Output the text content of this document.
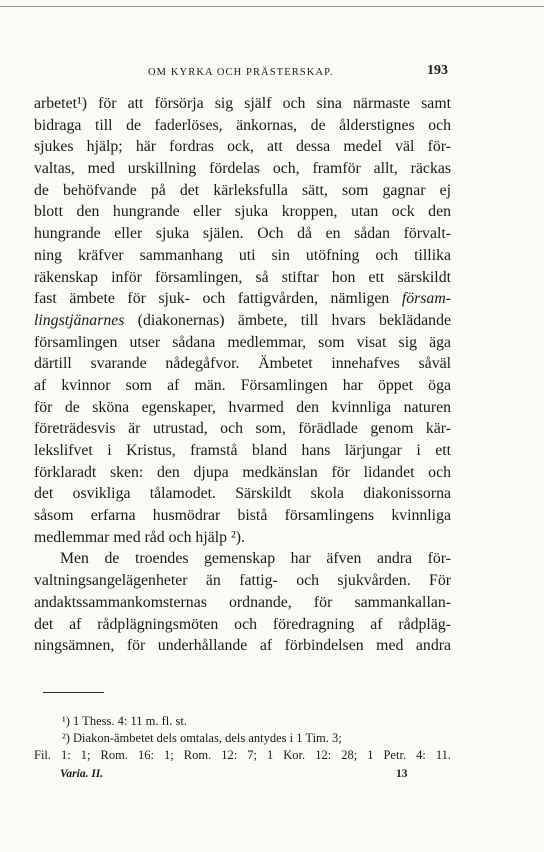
OM KYRKA OCH PRÄSTERSKAP.	193
arbetet¹) för att försörja sig själf och sina närmaste samt
bidraga till de faderlöses, änkornas, de ålderstignes och
sjukes hjälp; här fordras ock, att dessa medel väl för-
valtas, med urskillning fördelas och, framför allt, räckas
de behöfvande på det kärleksfulla sätt, som gagnar ej
blott den hungrande eller sjuka kroppen, utan ock den
hungrande eller sjuka själen. Och då en sådan förvalt-
ning kräfver sammanhang uti sin utöfning och tillika
räkenskap inför församlingen, så stiftar hon ett särskildt
fast ämbete för sjuk- och fattigvården, nämligen försam-
lingstjänarnes (diakonernas) ämbete, till hvars beklädande
församlingen utser sådana medlemmar, som visat sig äga
därtill svarande nådegåfvor. Ämbetet innehafves såväl
af kvinnor som af män. Församlingen har öppet öga
för de sköna egenskaper, hvarmed den kvinnliga naturen
företrädesvis är utrustad, och som, förädlade genom kär-
lekslifvet i Kristus, framstå bland hans lärjungar i ett
förklaradt sken: den djupa medkänslan för lidandet och
det osvikliga tålamodet. Särskildt skola diakonissorna
såsom erfarna husmödrar bistå församlingens kvinnliga
medlemmar med råd och hjälp ²).
Men de troendes gemenskap har äfven andra för-
valtningsangelägenheter än fattig- och sjukvården. För
andaktssammankomsternas ordnande, för sammankallan-
det af rådplägningsmöten och föredragning af rådpläg-
ningsämnen, för underhållande af förbindelsen med andra
¹) 1 Thess. 4: 11 m. fl. st.
²) Diakon-ämbetet dels omtalas, dels antydes i 1 Tim. 3;
Fil. 1: 1; Rom. 16: 1; Rom. 12: 7; 1 Kor. 12: 28; 1 Petr. 4: 11.
Varia. II.	13
